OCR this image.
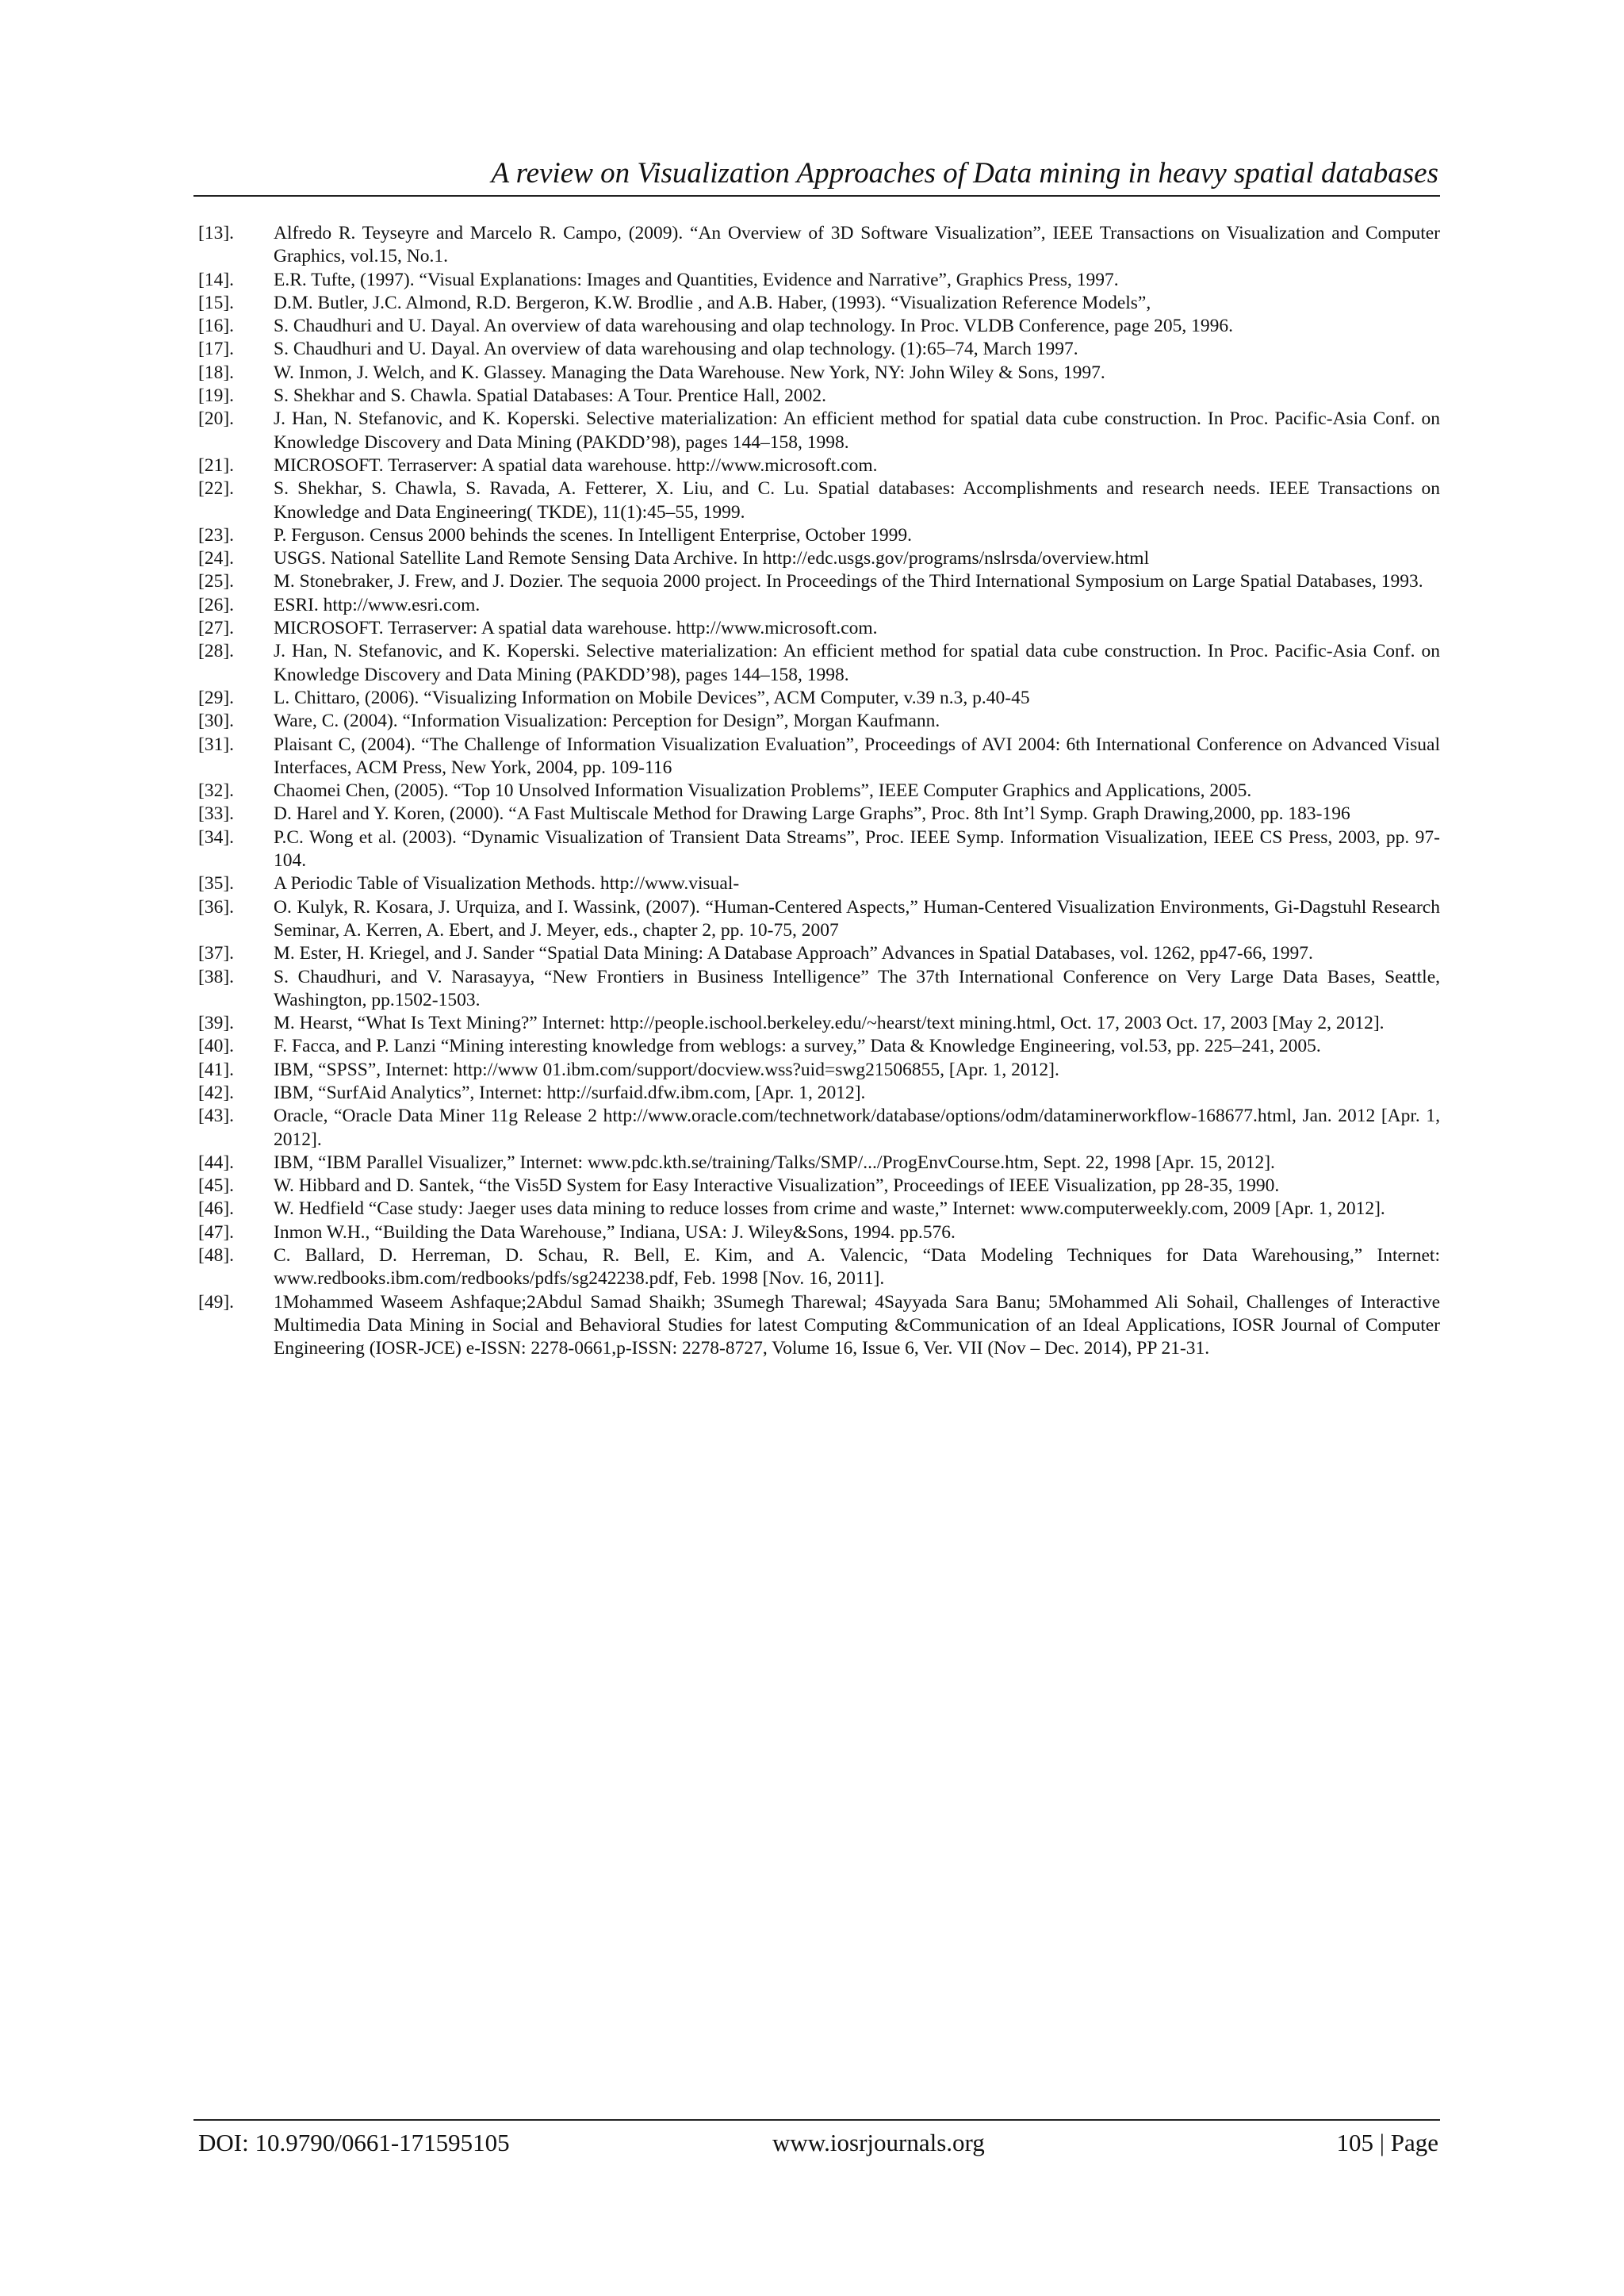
A review on Visualization Approaches of Data mining in heavy spatial databases
[13].	Alfredo R. Teyseyre and Marcelo R. Campo, (2009). “An Overview of 3D Software Visualization”, IEEE Transactions on Visualization and Computer Graphics, vol.15, No.1.
[14].	E.R. Tufte, (1997). “Visual Explanations: Images and Quantities, Evidence and Narrative”, Graphics Press, 1997.
[15].	D.M. Butler, J.C. Almond, R.D. Bergeron, K.W. Brodlie , and A.B. Haber, (1993). “Visualization Reference Models”,
[16].	S. Chaudhuri and U. Dayal. An overview of data warehousing and olap technology. In Proc. VLDB Conference, page 205, 1996.
[17].	S. Chaudhuri and U. Dayal. An overview of data warehousing and olap technology. (1):65–74, March 1997.
[18].	W. Inmon, J. Welch, and K. Glassey. Managing the Data Warehouse. New York, NY: John Wiley & Sons, 1997.
[19].	S. Shekhar and S. Chawla. Spatial Databases: A Tour. Prentice Hall, 2002.
[20].	J. Han, N. Stefanovic, and K. Koperski. Selective materialization: An efficient method for spatial data cube construction. In Proc. Pacific-Asia Conf. on Knowledge Discovery and Data Mining (PAKDD’98), pages 144–158, 1998.
[21].	MICROSOFT. Terraserver: A spatial data warehouse. http://www.microsoft.com.
[22].	S. Shekhar, S. Chawla, S. Ravada, A. Fetterer, X. Liu, and C. Lu. Spatial databases: Accomplishments and research needs. IEEE Transactions on Knowledge and Data Engineering( TKDE), 11(1):45–55, 1999.
[23].	P. Ferguson. Census 2000 behinds the scenes. In Intelligent Enterprise, October 1999.
[24].	USGS. National Satellite Land Remote Sensing Data Archive. In http://edc.usgs.gov/programs/nslrsda/overview.html
[25].	M. Stonebraker, J. Frew, and J. Dozier. The sequoia 2000 project. In Proceedings of the Third International Symposium on Large Spatial Databases, 1993.
[26].	ESRI. http://www.esri.com.
[27].	MICROSOFT. Terraserver: A spatial data warehouse. http://www.microsoft.com.
[28].	J. Han, N. Stefanovic, and K. Koperski. Selective materialization: An efficient method for spatial data cube construction. In Proc. Pacific-Asia Conf. on Knowledge Discovery and Data Mining (PAKDD’98), pages 144–158, 1998.
[29].	L. Chittaro, (2006). “Visualizing Information on Mobile Devices”, ACM Computer, v.39 n.3, p.40-45
[30].	Ware, C. (2004). “Information Visualization: Perception for Design”, Morgan Kaufmann.
[31].	Plaisant C, (2004). “The Challenge of Information Visualization Evaluation”, Proceedings of AVI 2004: 6th International Conference on Advanced Visual Interfaces, ACM Press, New York, 2004, pp. 109-116
[32].	Chaomei Chen, (2005). “Top 10 Unsolved Information Visualization Problems”, IEEE Computer Graphics and Applications, 2005.
[33].	D. Harel and Y. Koren, (2000). “A Fast Multiscale Method for Drawing Large Graphs”, Proc. 8th Int’l Symp. Graph Drawing,2000, pp. 183-196
[34].	P.C. Wong et al. (2003). “Dynamic Visualization of Transient Data Streams”, Proc. IEEE Symp. Information Visualization, IEEE CS Press, 2003, pp. 97-104.
[35].	A Periodic Table of Visualization Methods. http://www.visual-
[36].	O. Kulyk, R. Kosara, J. Urquiza, and I. Wassink, (2007). “Human-Centered Aspects,” Human-Centered Visualization Environments, Gi-Dagstuhl Research Seminar, A. Kerren, A. Ebert, and J. Meyer, eds., chapter 2, pp. 10-75, 2007
[37].	M. Ester, H. Kriegel, and J. Sander “Spatial Data Mining: A Database Approach” Advances in Spatial Databases, vol. 1262, pp47-66, 1997.
[38].	S. Chaudhuri, and V. Narasayya, “New Frontiers in Business Intelligence” The 37th International Conference on Very Large Data Bases, Seattle, Washington, pp.1502-1503.
[39].	M. Hearst, “What Is Text Mining?” Internet: http://people.ischool.berkeley.edu/~hearst/text mining.html, Oct. 17, 2003 Oct. 17, 2003 [May 2, 2012].
[40].	F. Facca, and P. Lanzi “Mining interesting knowledge from weblogs: a survey,” Data & Knowledge Engineering, vol.53, pp. 225–241, 2005.
[41].	IBM, “SPSS”, Internet: http://www 01.ibm.com/support/docview.wss?uid=swg21506855, [Apr. 1, 2012].
[42].	IBM, “SurfAid Analytics”, Internet: http://surfaid.dfw.ibm.com, [Apr. 1, 2012].
[43].	Oracle, “Oracle Data Miner 11g Release 2 http://www.oracle.com/technetwork/database/options/odm/dataminerworkflow-168677.html, Jan. 2012 [Apr. 1, 2012].
[44].	IBM, “IBM Parallel Visualizer,” Internet: www.pdc.kth.se/training/Talks/SMP/.../ProgEnvCourse.htm, Sept. 22, 1998 [Apr. 15, 2012].
[45].	W. Hibbard and D. Santek, “the Vis5D System for Easy Interactive Visualization”, Proceedings of IEEE Visualization, pp 28-35, 1990.
[46].	W. Hedfield “Case study: Jaeger uses data mining to reduce losses from crime and waste,” Internet: www.computerweekly.com, 2009 [Apr. 1, 2012].
[47].	Inmon W.H., “Building the Data Warehouse,” Indiana, USA: J. Wiley&Sons, 1994. pp.576.
[48].	C. Ballard, D. Herreman, D. Schau, R. Bell, E. Kim, and A. Valencic, “Data Modeling Techniques for Data Warehousing,” Internet: www.redbooks.ibm.com/redbooks/pdfs/sg242238.pdf, Feb. 1998 [Nov. 16, 2011].
[49].	1Mohammed Waseem Ashfaque;2Abdul Samad Shaikh; 3Sumegh Tharewal; 4Sayyada Sara Banu; 5Mohammed Ali Sohail, Challenges of Interactive Multimedia Data Mining in Social and Behavioral Studies for latest Computing &Communication of an Ideal Applications, IOSR Journal of Computer Engineering (IOSR-JCE) e-ISSN: 2278-0661,p-ISSN: 2278-8727, Volume 16, Issue 6, Ver. VII (Nov – Dec. 2014), PP 21-31.
DOI: 10.9790/0661-171595105	www.iosrjournals.org	105 | Page
